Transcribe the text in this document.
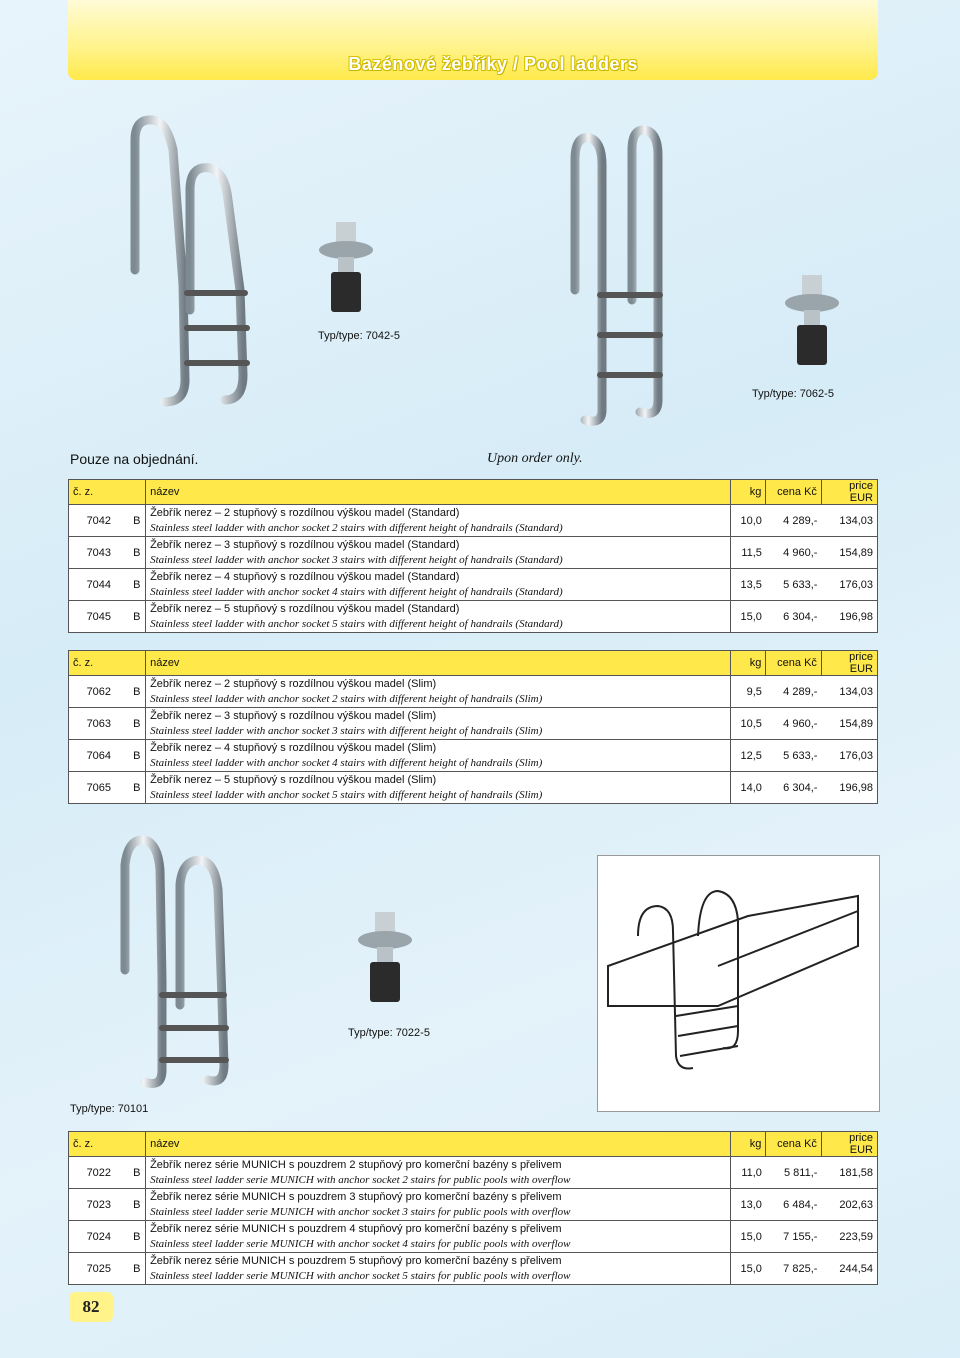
Bazénové žebříky / Pool ladders
Typ/type: 7042-5
Typ/type: 7062-5
Pouze na objednání.	Upon order only.
č. z.		název	kg	cena Kč	price EUR
7042	B	Žebřík nerez – 2 stupňový s rozdílnou výškou madel (Standard)
Stainless steel ladder with anchor socket 2 stairs with different height of handrails (Standard)	10,0	4 289,-	134,03
7043	B	Žebřík nerez – 3 stupňový s rozdílnou výškou madel (Standard)
Stainless steel ladder with anchor socket 3 stairs with different height of handrails (Standard)	11,5	4 960,-	154,89
7044	B	Žebřík nerez – 4 stupňový s rozdílnou výškou madel (Standard)
Stainless steel ladder with anchor socket 4 stairs with different height of handrails (Standard)	13,5	5 633,-	176,03
7045	B	Žebřík nerez – 5 stupňový s rozdílnou výškou madel (Standard)
Stainless steel ladder with anchor socket 5 stairs with different height of handrails (Standard)	15,0	6 304,-	196,98
č. z.		název	kg	cena Kč	price EUR
7062	B	Žebřík nerez – 2 stupňový s rozdílnou výškou madel (Slim)
Stainless steel ladder with anchor socket 2 stairs with different height of handrails (Slim)	9,5	4 289,-	134,03
7063	B	Žebřík nerez – 3 stupňový s rozdílnou výškou madel (Slim)
Stainless steel ladder with anchor socket 3 stairs with different height of handrails (Slim)	10,5	4 960,-	154,89
7064	B	Žebřík nerez – 4 stupňový s rozdílnou výškou madel (Slim)
Stainless steel ladder with anchor socket 4 stairs with different height of handrails (Slim)	12,5	5 633,-	176,03
7065	B	Žebřík nerez – 5 stupňový s rozdílnou výškou madel (Slim)
Stainless steel ladder with anchor socket 5 stairs with different height of handrails (Slim)	14,0	6 304,-	196,98
Typ/type: 7022-5
Typ/type: 70101
č. z.		název	kg	cena Kč	price EUR
7022	B	Žebřík nerez série MUNICH s pouzdrem 2 stupňový pro komerční bazény s přelivem
Stainless steel ladder serie MUNICH with anchor socket 2 stairs for public pools with overflow	11,0	5 811,-	181,58
7023	B	Žebřík nerez série MUNICH s pouzdrem 3 stupňový pro komerční bazény s přelivem
Stainless steel ladder serie MUNICH with anchor socket 3 stairs for public pools with overflow	13,0	6 484,-	202,63
7024	B	Žebřík nerez série MUNICH s pouzdrem 4 stupňový pro komerční bazény s přelivem
Stainless steel ladder serie MUNICH with anchor socket 4 stairs for public pools with overflow	15,0	7 155,-	223,59
7025	B	Žebřík nerez série MUNICH s pouzdrem 5 stupňový pro komerční bazény s přelivem
Stainless steel ladder serie MUNICH with anchor socket 5 stairs for public pools with overflow	15,0	7 825,-	244,54
82
